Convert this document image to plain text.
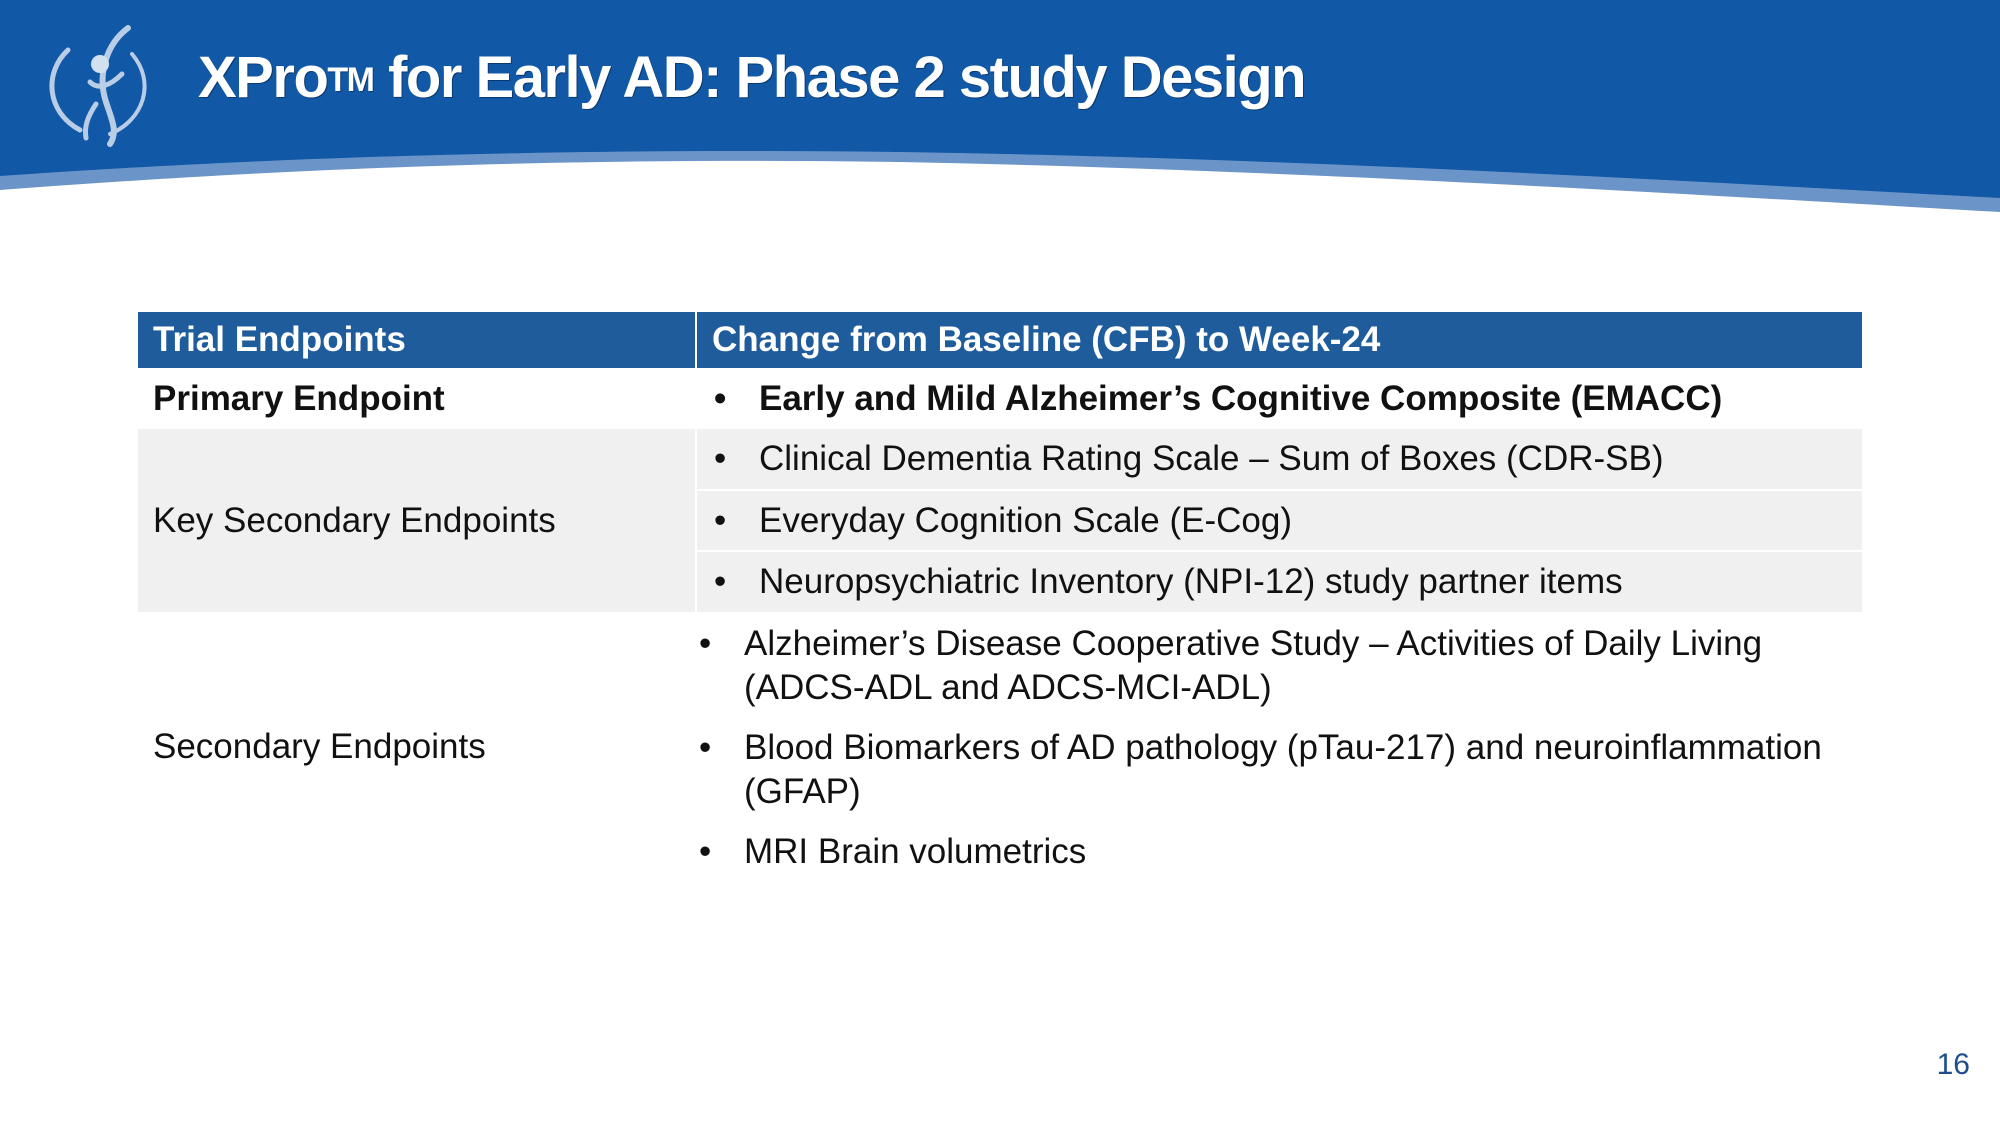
XPro™ for Early AD: Phase 2 study Design
Trial Endpoints	Change from Baseline (CFB) to Week-24
Primary Endpoint	• Early and Mild Alzheimer’s Cognitive Composite (EMACC)

Key Secondary Endpoints	• Clinical Dementia Rating Scale – Sum of Boxes (CDR-SB)

	• Everyday Cognition Scale (E-Cog)

	• Neuropsychiatric Inventory (NPI-12) study partner items

Secondary Endpoints	• Alzheimer’s Disease Cooperative Study – Activities of Daily Living (ADCS-ADL and ADCS-MCI-ADL)
• Blood Biomarkers of AD pathology (pTau-217) and neuroinflammation (GFAP)
• MRI Brain volumetrics
16
